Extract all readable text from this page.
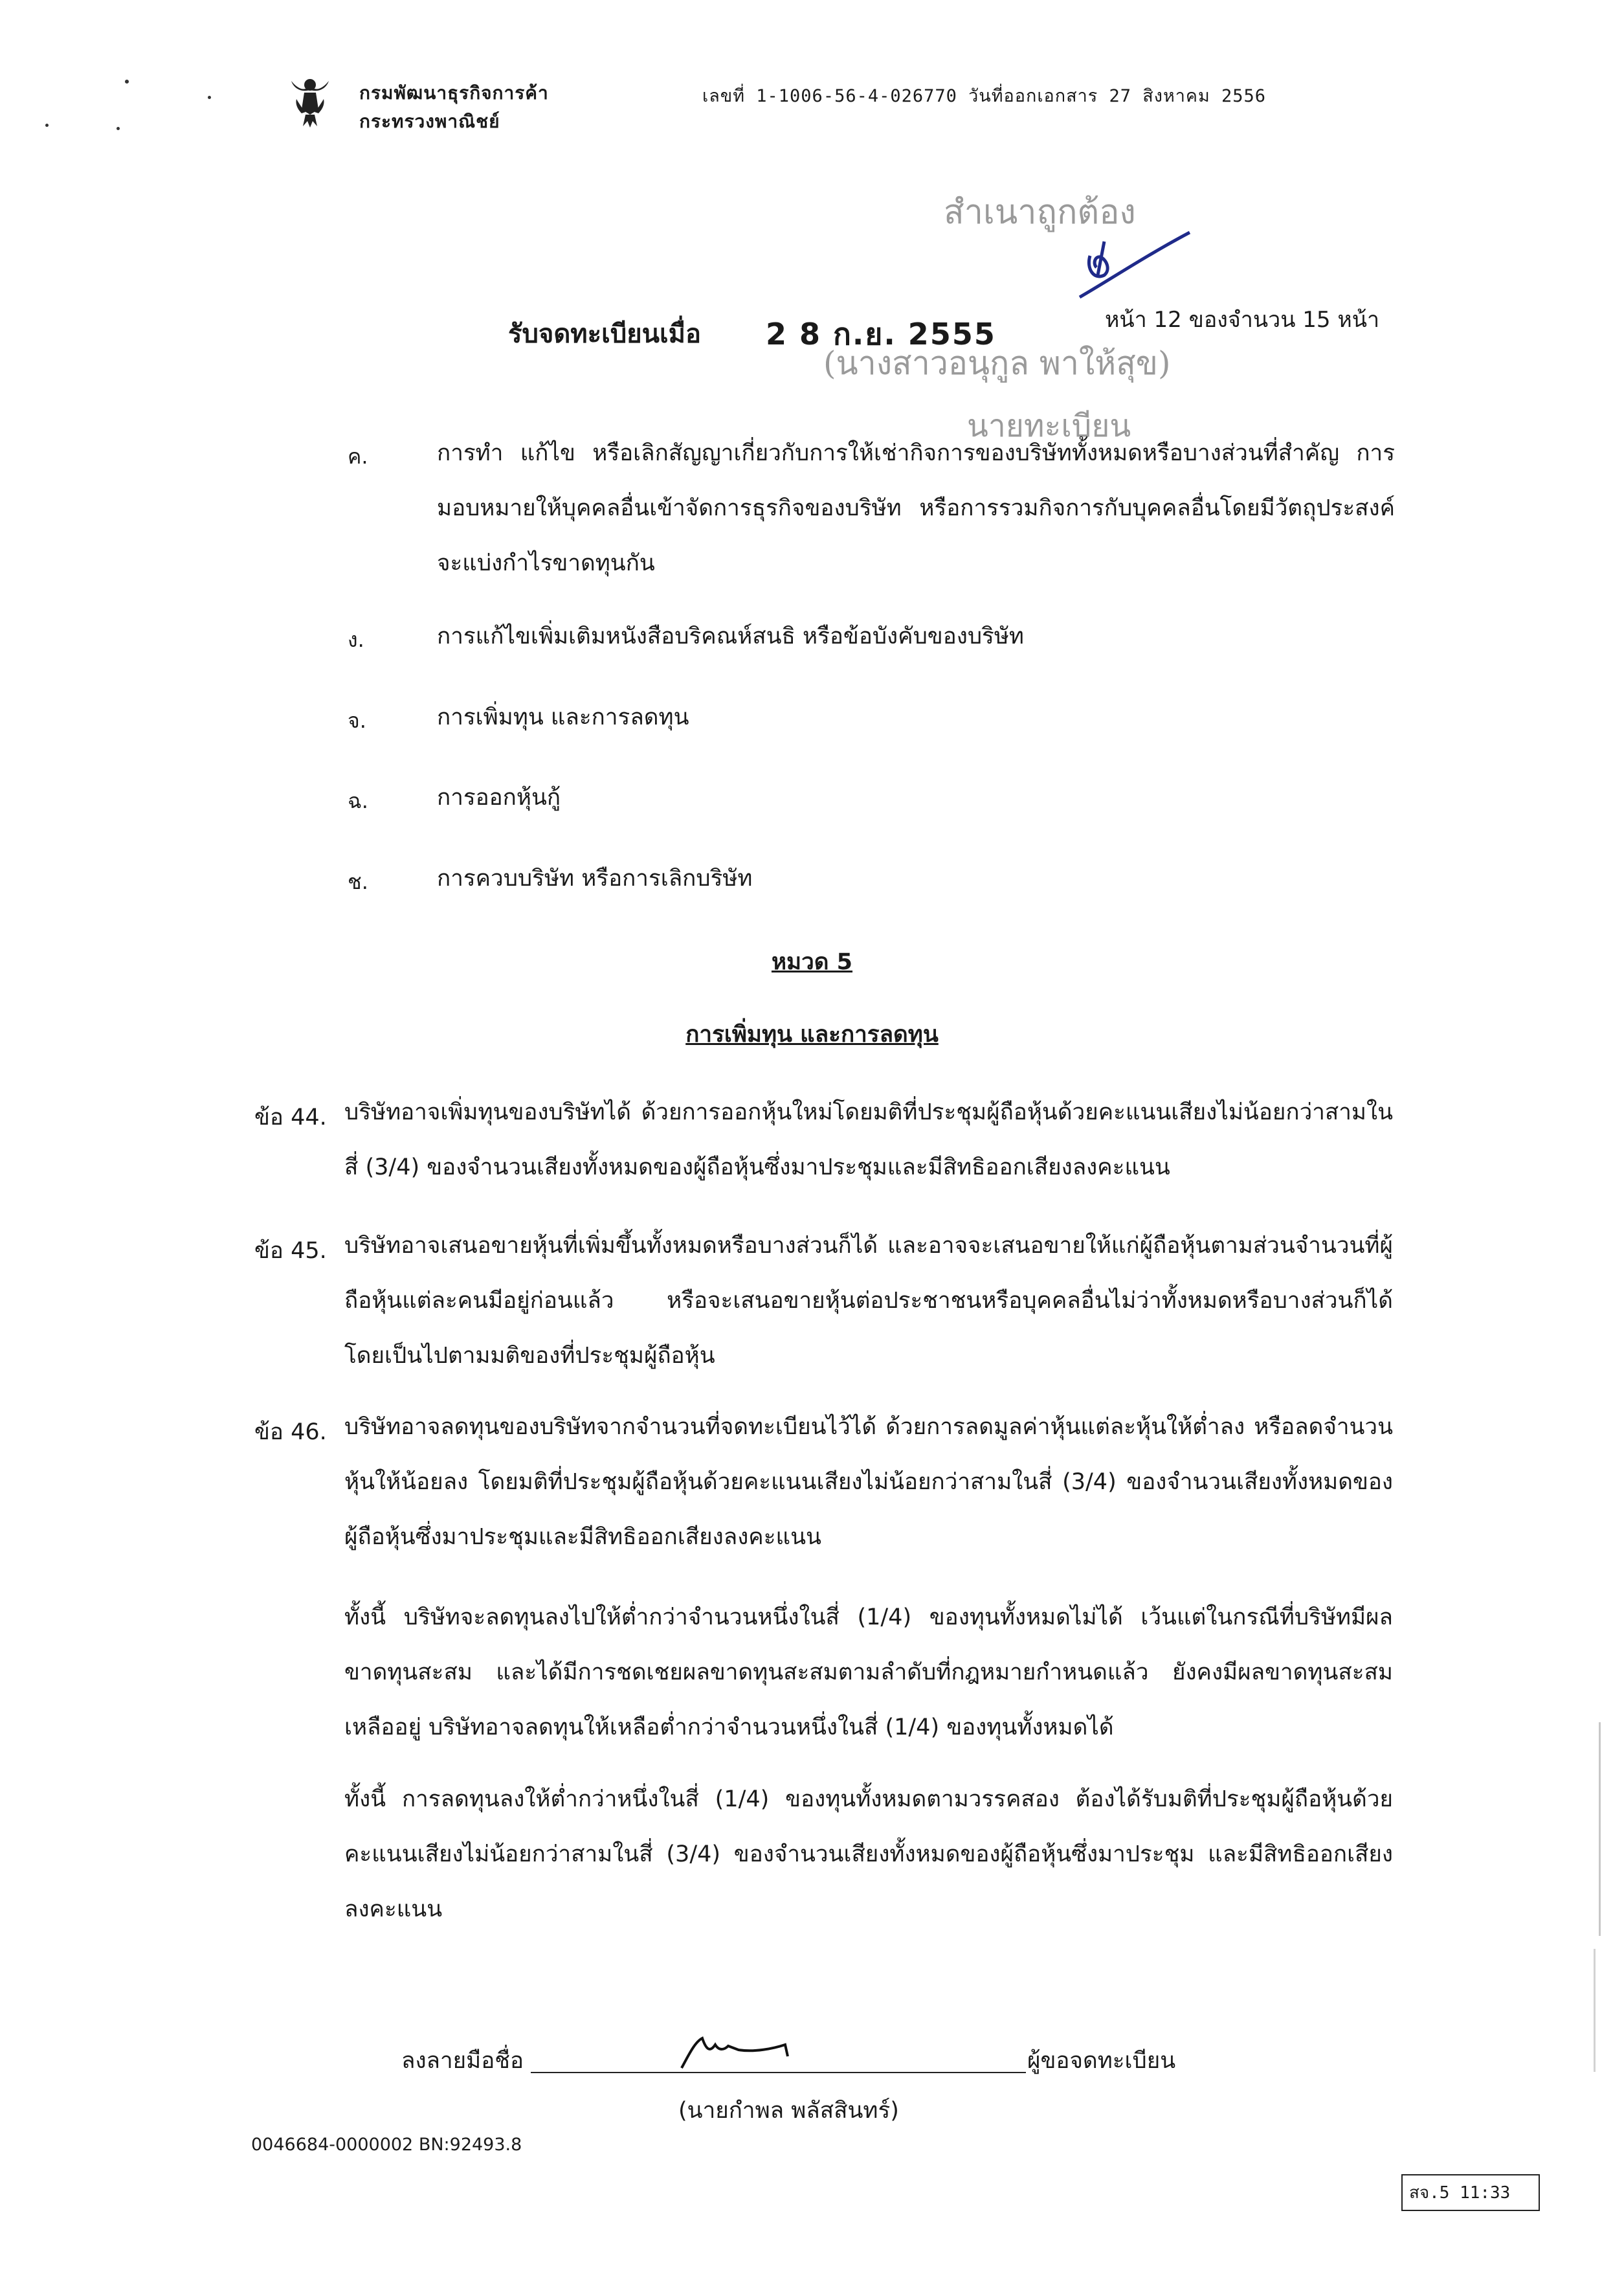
กรมพัฒนาธุรกิจการค้า
กระทรวงพาณิชย์
เลขที่ 1-1006-56-4-026770 วันที่ออกเอกสาร 27 สิงหาคม 2556
สำเนาถูกต้อง
(นางสาวอนุกูล พาให้สุข)
นายทะเบียน
รับจดทะเบียนเมื่อ 2 8 ก.ย. 2555	หน้า 12 ของจำนวน 15 หน้า
ค.	การทำ แก้ไข หรือเลิกสัญญาเกี่ยวกับการให้เช่ากิจการของบริษัททั้งหมดหรือบางส่วนที่สำคัญ การมอบหมายให้บุคคลอื่นเข้าจัดการธุรกิจของบริษัท หรือการรวมกิจการกับบุคคลอื่นโดยมีวัตถุประสงค์จะแบ่งกำไรขาดทุนกัน
ง.	การแก้ไขเพิ่มเติมหนังสือบริคณห์สนธิ หรือข้อบังคับของบริษัท
จ.	การเพิ่มทุน และการลดทุน
ฉ.	การออกหุ้นกู้
ช.	การควบบริษัท หรือการเลิกบริษัท
หมวด 5
การเพิ่มทุน และการลดทุน
ข้อ 44. บริษัทอาจเพิ่มทุนของบริษัทได้ ด้วยการออกหุ้นใหม่โดยมติที่ประชุมผู้ถือหุ้นด้วยคะแนนเสียงไม่น้อยกว่าสามในสี่ (3/4) ของจำนวนเสียงทั้งหมดของผู้ถือหุ้นซึ่งมาประชุมและมีสิทธิออกเสียงลงคะแนน
ข้อ 45. บริษัทอาจเสนอขายหุ้นที่เพิ่มขึ้นทั้งหมดหรือบางส่วนก็ได้ และอาจจะเสนอขายให้แก่ผู้ถือหุ้นตามส่วนจำนวนที่ผู้ถือหุ้นแต่ละคนมีอยู่ก่อนแล้ว หรือจะเสนอขายหุ้นต่อประชาชนหรือบุคคลอื่นไม่ว่าทั้งหมดหรือบางส่วนก็ได้ โดยเป็นไปตามมติของที่ประชุมผู้ถือหุ้น
ข้อ 46. บริษัทอาจลดทุนของบริษัทจากจำนวนที่จดทะเบียนไว้ได้ ด้วยการลดมูลค่าหุ้นแต่ละหุ้นให้ต่ำลง หรือลดจำนวนหุ้นให้น้อยลง โดยมติที่ประชุมผู้ถือหุ้นด้วยคะแนนเสียงไม่น้อยกว่าสามในสี่ (3/4) ของจำนวนเสียงทั้งหมดของผู้ถือหุ้นซึ่งมาประชุมและมีสิทธิออกเสียงลงคะแนน
ทั้งนี้ บริษัทจะลดทุนลงไปให้ต่ำกว่าจำนวนหนึ่งในสี่ (1/4) ของทุนทั้งหมดไม่ได้ เว้นแต่ในกรณีที่บริษัทมีผลขาดทุนสะสม และได้มีการชดเชยผลขาดทุนสะสมตามลำดับที่กฎหมายกำหนดแล้ว ยังคงมีผลขาดทุนสะสมเหลืออยู่ บริษัทอาจลดทุนให้เหลือต่ำกว่าจำนวนหนึ่งในสี่ (1/4) ของทุนทั้งหมดได้
ทั้งนี้ การลดทุนลงให้ต่ำกว่าหนึ่งในสี่ (1/4) ของทุนทั้งหมดตามวรรคสอง ต้องได้รับมติที่ประชุมผู้ถือหุ้นด้วยคะแนนเสียงไม่น้อยกว่าสามในสี่ (3/4) ของจำนวนเสียงทั้งหมดของผู้ถือหุ้นซึ่งมาประชุม และมีสิทธิออกเสียงลงคะแนน
ลงลายมือชื่อ	ผู้ขอจดทะเบียน
(นายกำพล พลัสสินทร์)
0046684-0000002 BN:92493.8
สจ.5 11:33
